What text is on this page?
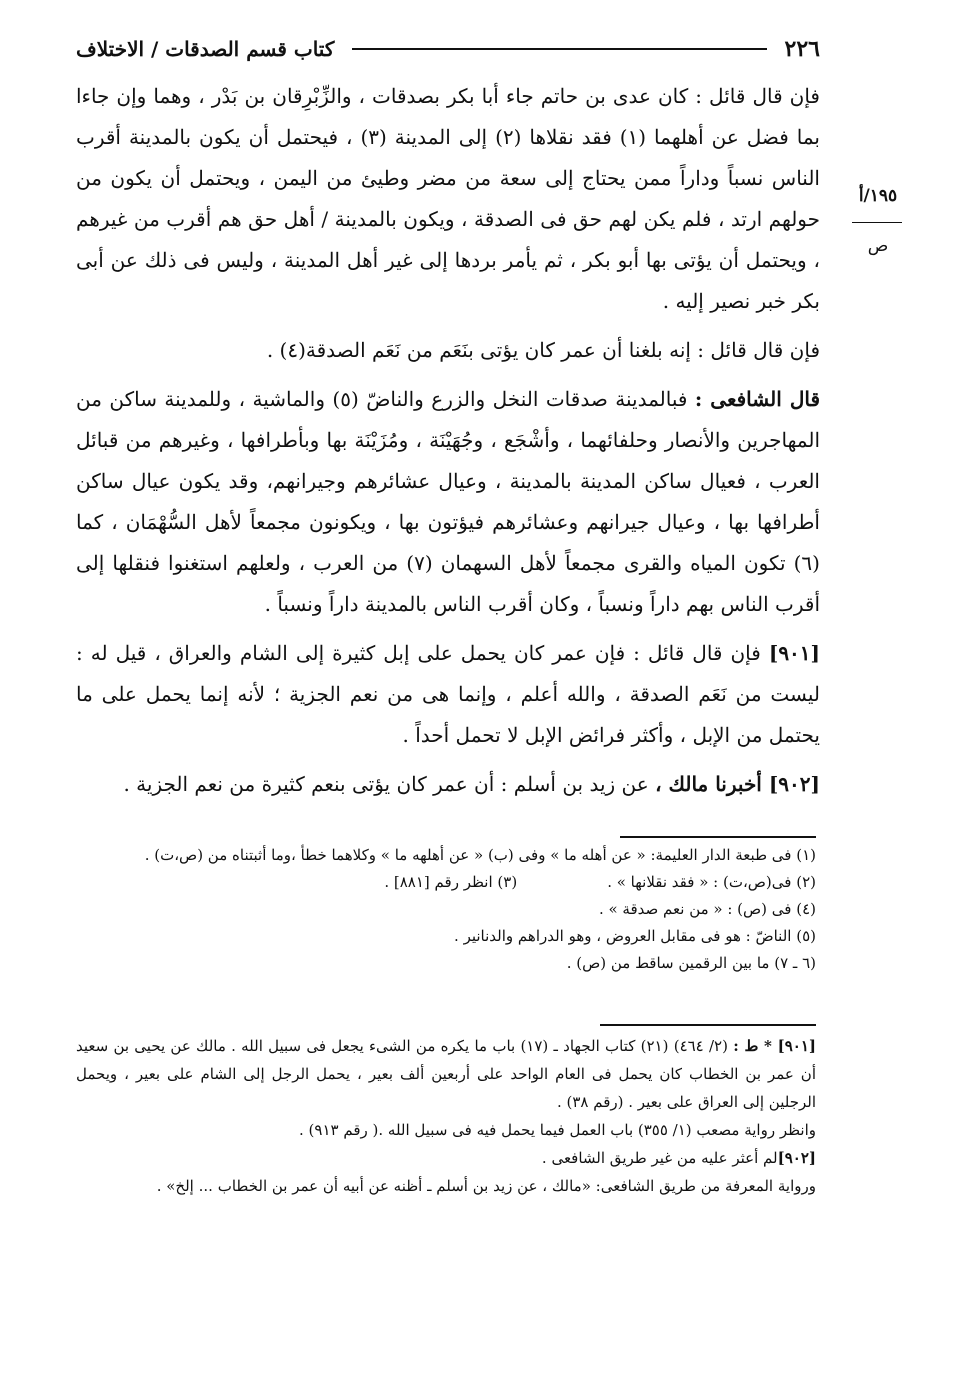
٢٢٦
كتاب قسم الصدقات / الاختلاف
١٩٥/أ
ص

فإن قال قائل : كان عدى بن حاتم جاء أبا بكر بصدقات ، والزِّبْرِقان بن بَدْر ، وهما وإن جاءا بما فضل عن أهلهما (١) فقد نقلاها (٢) إلى المدينة (٣) ، فيحتمل أن يكون بالمدينة أقرب الناس نسباً وداراً ممن يحتاج إلى سعة من مضر وطيئ من اليمن ، ويحتمل أن يكون من حولهم ارتد ، فلم يكن لهم حق فى الصدقة ، ويكون بالمدينة / أهل حق هم أقرب من غيرهم ، ويحتمل أن يؤتى بها أبو بكر ، ثم يأمر بردها إلى غير أهل المدينة ، وليس فى ذلك عن أبى بكر خبر نصير إليه .

فإن قال قائل : إنه بلغنا أن عمر كان يؤتى بنَعَم من نَعَم الصدقة(٤) .

قال الشافعى : فبالمدينة صدقات النخل والزرع والناضّ (٥) والماشية ، وللمدينة ساكن من المهاجرين والأنصار وحلفائهما ، وأشْجَع ، وجُهَيْنَة ، ومُزَيْنَة بها وبأطرافها ، وغيرهم من قبائل العرب ، فعيال ساكن المدينة بالمدينة ، وعيال عشائرهم وجيرانهم، وقد يكون عيال ساكن أطرافها بها ، وعيال جيرانهم وعشائرهم فيؤتون بها ، ويكونون مجمعاً لأهل السُّهْمَان ، كما (٦) تكون المياه والقرى مجمعاً لأهل السهمان (٧) من العرب ، ولعلهم استغنوا فنقلها إلى أقرب الناس بهم داراً ونسباً ، وكان أقرب الناس بالمدينة داراً ونسباً .

[٩٠١] فإن قال قائل : فإن عمر كان يحمل على إبل كثيرة إلى الشام والعراق ، قيل له : ليست من نَعَم الصدقة ، والله أعلم ، وإنما هى من نعم الجزية ؛ لأنه إنما يحمل على ما يحتمل من الإبل ، وأكثر فرائض الإبل لا تحمل أحداً .

[٩٠٢] أخبرنا مالك ، عن زيد بن أسلم : أن عمر كان يؤتى بنعم كثيرة من نعم الجزية .

(١) فى طبعة الدار العليمة: « عن أهله ما » وفى (ب) « عن أهلهه ما » وكلاهما خطأ ،وما أثبتناه من (ص،ت) .
(٢) فى(ص،ت) : « فقد نقلانها » .
(٣) انظر رقم [٨٨١] .
(٤) فى (ص) : « من نعم صدقة » .
(٥) الناضّ : هو فى مقابل العروض ، وهو الدراهم والدنانير .
(٦ ـ ٧) ما بين الرقمين ساقط من (ص) .

[٩٠١] * ط : (٢/ ٤٦٤) (٢١) كتاب الجهاد ـ (١٧) باب ما يكره من الشىء يجعل فى سبيل الله . مالك عن يحيى بن سعيد أن عمر بن الخطاب كان يحمل فى العام الواحد على أربعين ألف بعير ، يحمل الرجل إلى الشام على بعير ، ويحمل الرجلين إلى العراق على بعير . (رقم ٣٨) .

وانظر رواية مصعب (١/ ٣٥٥) باب العمل فيما يحمل فيه فى سبيل الله .( رقم ٩١٣) .

[٩٠٢]لم أعثر عليه من غير طريق الشافعى .

ورواية المعرفة من طريق الشافعى: «مالك ، عن زيد بن أسلم ـ أظنه عن أبيه أن عمر بن الخطاب ... إلخ» .
